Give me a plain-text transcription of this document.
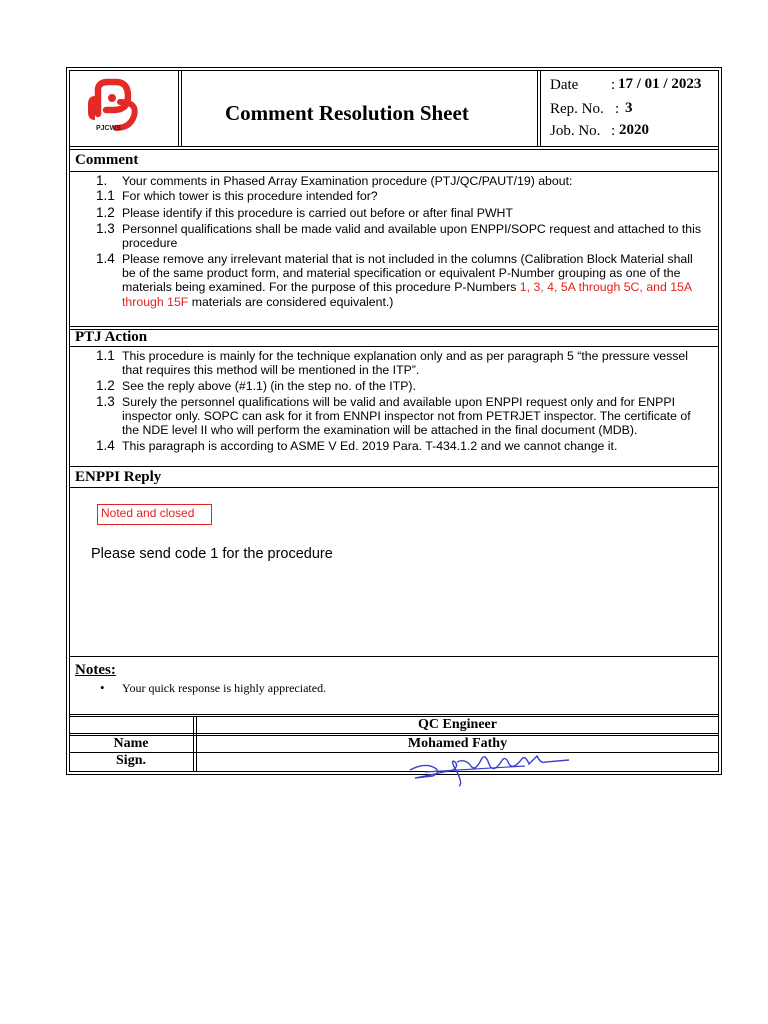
PJCWS
Comment Resolution Sheet
Date : 17 / 01 / 2023
Rep. No. : 3
Job. No. : 2020
Comment
1. Your comments in Phased Array Examination procedure (PTJ/QC/PAUT/19) about:
1.1 For which tower is this procedure intended for?
1.2 Please identify if this procedure is carried out before or after final PWHT
1.3 Personnel qualifications shall be made valid and available upon ENPPI/SOPC request and attached to this procedure
1.4 Please remove any irrelevant material that is not included in the columns (Calibration Block Material shall be of the same product form, and material specification or equivalent P-Number grouping as one of the materials being examined. For the purpose of this procedure P-Numbers 1, 3, 4, 5A through 5C, and 15A through 15F materials are considered equivalent.)
PTJ Action
1.1 This procedure is mainly for the technique explanation only and as per paragraph 5 “the pressure vessel that requires this method will be mentioned in the ITP”.
1.2 See the reply above (#1.1) (in the step no. of the ITP).
1.3 Surely the personnel qualifications will be valid and available upon ENPPI request only and for ENPPI inspector only. SOPC can ask for it from ENNPI inspector not from PETRJET inspector. The certificate of the NDE level II who will perform the examination will be attached in the final document (MDB).
1.4 This paragraph is according to ASME V Ed. 2019 Para. T-434.1.2 and we cannot change it.
ENPPI Reply
Noted and closed
Please send code 1 for the procedure
Notes:
• Your quick response is highly appreciated.
QC Engineer
Name	Mohamed Fathy
Sign.
